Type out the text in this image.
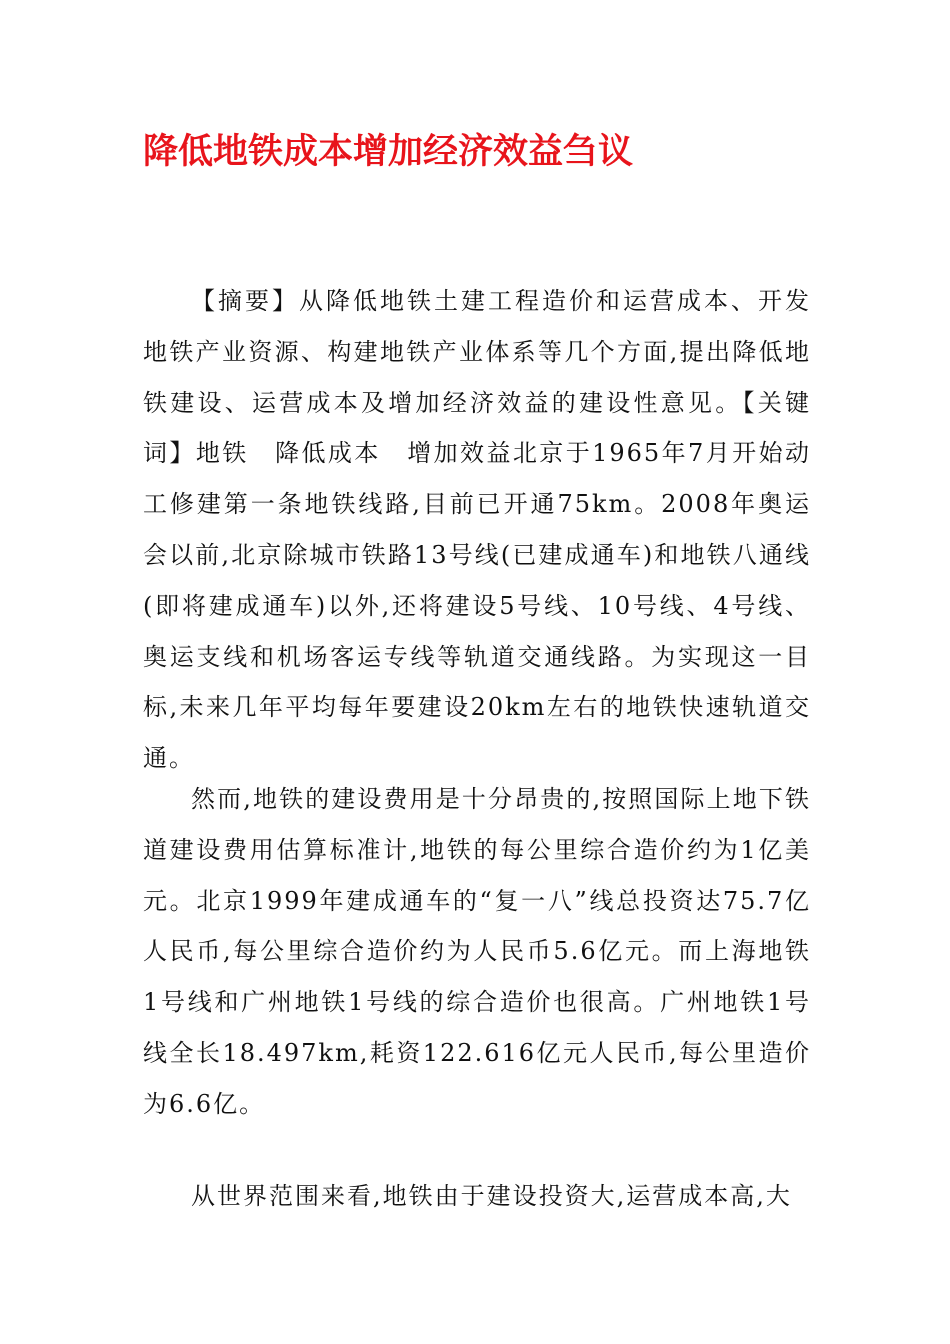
降低地铁成本增加经济效益刍议

【摘要】从降低地铁土建工程造价和运营成本、开发地铁产业资源、构建地铁产业体系等几个方面,提出降低地铁建设、运营成本及增加经济效益的建设性意见。【关键词】地铁　降低成本　增加效益北京于1965年7月开始动工修建第一条地铁线路,目前已开通75km。2008年奥运会以前,北京除城市铁路13号线(已建成通车)和地铁八通线(即将建成通车)以外,还将建设5号线、10号线、4号线、奥运支线和机场客运专线等轨道交通线路。为实现这一目标,未来几年平均每年要建设20km左右的地铁快速轨道交通。

然而,地铁的建设费用是十分昂贵的,按照国际上地下铁道建设费用估算标准计,地铁的每公里综合造价约为1亿美元。北京1999年建成通车的“复一八”线总投资达75.7亿人民币,每公里综合造价约为人民币5.6亿元。而上海地铁1号线和广州地铁1号线的综合造价也很高。广州地铁1号线全长18.497km,耗资122.616亿元人民币,每公里造价为6.6亿。

从世界范围来看,地铁由于建设投资大,运营成本高,大
